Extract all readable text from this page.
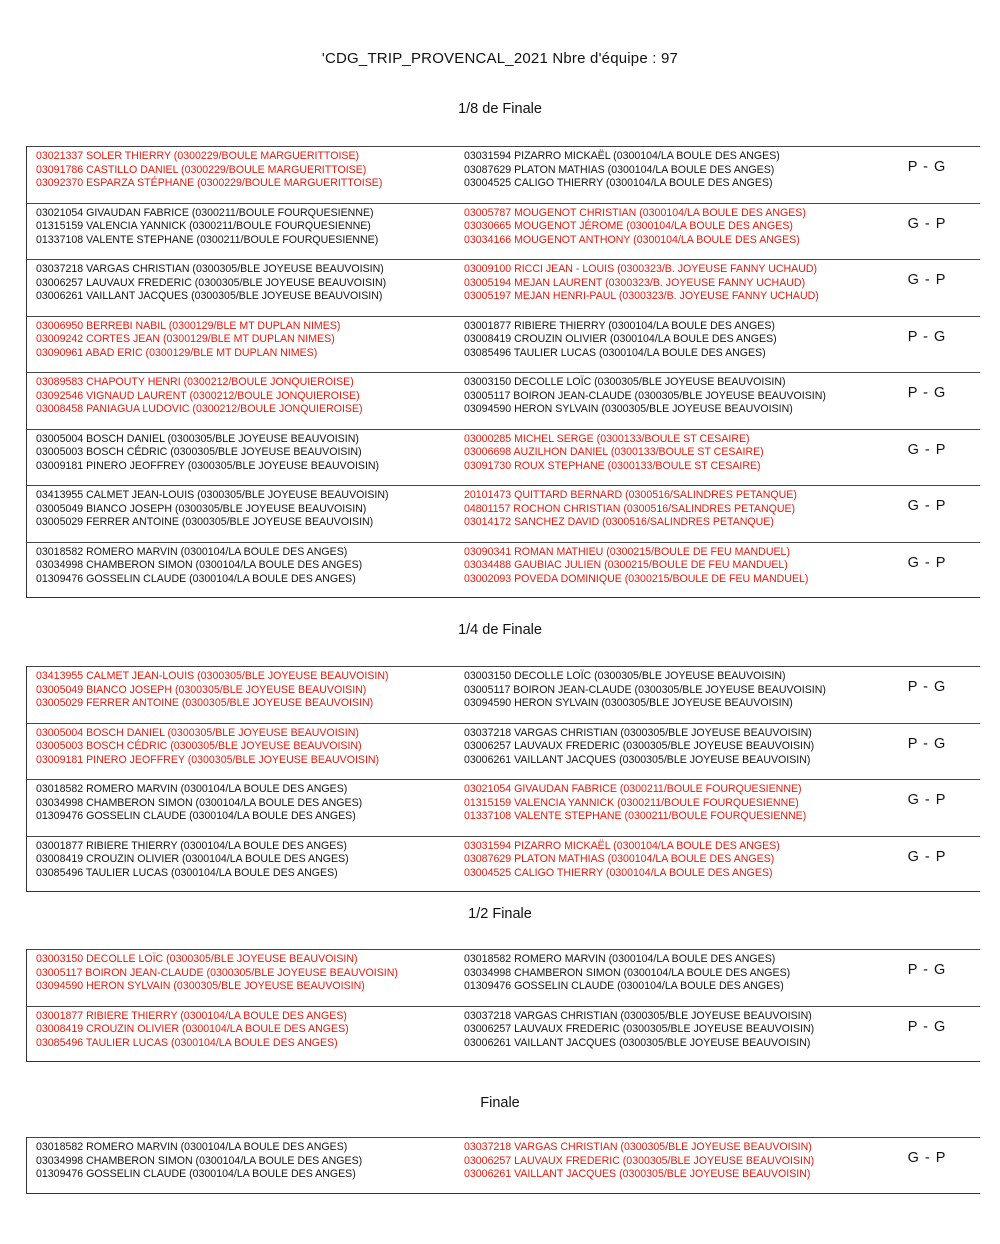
'CDG_TRIP_PROVENCAL_2021 Nbre d'équipe : 97
1/8 de Finale
03021337 SOLER THIERRY (0300229/BOULE MARGUERITTOISE)
03091786 CASTILLO DANIEL (0300229/BOULE MARGUERITTOISE)
03092370 ESPARZA STÉPHANE (0300229/BOULE MARGUERITTOISE)
03031594 PIZARRO MICKAËL (0300104/LA BOULE DES ANGES)
03087629 PLATON MATHIAS (0300104/LA BOULE DES ANGES)
03004525 CALIGO THIERRY (0300104/LA BOULE DES ANGES)
P - G
03021054 GIVAUDAN FABRICE (0300211/BOULE FOURQUESIENNE)
01315159 VALENCIA YANNICK (0300211/BOULE FOURQUESIENNE)
01337108 VALENTE STEPHANE (0300211/BOULE FOURQUESIENNE)
03005787 MOUGENOT CHRISTIAN (0300104/LA BOULE DES ANGES)
03030665 MOUGENOT JÉROME (0300104/LA BOULE DES ANGES)
03034166 MOUGENOT ANTHONY (0300104/LA BOULE DES ANGES)
G - P
03037218 VARGAS CHRISTIAN (0300305/BLE JOYEUSE BEAUVOISIN)
03006257 LAUVAUX FREDERIC (0300305/BLE JOYEUSE BEAUVOISIN)
03006261 VAILLANT JACQUES (0300305/BLE JOYEUSE BEAUVOISIN)
03009100 RICCI JEAN - LOUIS (0300323/B. JOYEUSE FANNY UCHAUD)
03005194 MEJAN LAURENT (0300323/B. JOYEUSE FANNY UCHAUD)
03005197 MEJAN HENRI-PAUL (0300323/B. JOYEUSE FANNY UCHAUD)
G - P
03006950 BERREBI NABIL (0300129/BLE MT DUPLAN NIMES)
03009242 CORTES JEAN (0300129/BLE MT DUPLAN NIMES)
03090961 ABAD ERIC (0300129/BLE MT DUPLAN NIMES)
03001877 RIBIERE THIERRY (0300104/LA BOULE DES ANGES)
03008419 CROUZIN OLIVIER (0300104/LA BOULE DES ANGES)
03085496 TAULIER LUCAS (0300104/LA BOULE DES ANGES)
P - G
03089583 CHAPOUTY HENRI (0300212/BOULE JONQUIEROISE)
03092546 VIGNAUD LAURENT (0300212/BOULE JONQUIEROISE)
03008458 PANIAGUA LUDOVIC (0300212/BOULE JONQUIEROISE)
03003150 DECOLLE LOÏC (0300305/BLE JOYEUSE BEAUVOISIN)
03005117 BOIRON JEAN-CLAUDE (0300305/BLE JOYEUSE BEAUVOISIN)
03094590 HERON SYLVAIN (0300305/BLE JOYEUSE BEAUVOISIN)
P - G
03005004 BOSCH DANIEL (0300305/BLE JOYEUSE BEAUVOISIN)
03005003 BOSCH CÉDRIC (0300305/BLE JOYEUSE BEAUVOISIN)
03009181 PINERO JEOFFREY (0300305/BLE JOYEUSE BEAUVOISIN)
03000285 MICHEL SERGE (0300133/BOULE ST CESAIRE)
03006698 AUZILHON DANIEL (0300133/BOULE ST CESAIRE)
03091730 ROUX STEPHANE (0300133/BOULE ST CESAIRE)
G - P
03413955 CALMET JEAN-LOUIS (0300305/BLE JOYEUSE BEAUVOISIN)
03005049 BIANCO JOSEPH (0300305/BLE JOYEUSE BEAUVOISIN)
03005029 FERRER ANTOINE (0300305/BLE JOYEUSE BEAUVOISIN)
20101473 QUITTARD BERNARD (0300516/SALINDRES PETANQUE)
04801157 ROCHON CHRISTIAN (0300516/SALINDRES PETANQUE)
03014172 SANCHEZ DAVID (0300516/SALINDRES PETANQUE)
G - P
03018582 ROMERO MARVIN (0300104/LA BOULE DES ANGES)
03034998 CHAMBERON SIMON (0300104/LA BOULE DES ANGES)
01309476 GOSSELIN CLAUDE (0300104/LA BOULE DES ANGES)
03090341 ROMAN MATHIEU (0300215/BOULE DE FEU MANDUEL)
03034488 GAUBIAC JULIEN (0300215/BOULE DE FEU MANDUEL)
03002093 POVEDA DOMINIQUE (0300215/BOULE DE FEU MANDUEL)
G - P
1/4 de Finale
03413955 CALMET JEAN-LOUIS (0300305/BLE JOYEUSE BEAUVOISIN)
03005049 BIANCO JOSEPH (0300305/BLE JOYEUSE BEAUVOISIN)
03005029 FERRER ANTOINE (0300305/BLE JOYEUSE BEAUVOISIN)
03003150 DECOLLE LOÏC (0300305/BLE JOYEUSE BEAUVOISIN)
03005117 BOIRON JEAN-CLAUDE (0300305/BLE JOYEUSE BEAUVOISIN)
03094590 HERON SYLVAIN (0300305/BLE JOYEUSE BEAUVOISIN)
P - G
03005004 BOSCH DANIEL (0300305/BLE JOYEUSE BEAUVOISIN)
03005003 BOSCH CÉDRIC (0300305/BLE JOYEUSE BEAUVOISIN)
03009181 PINERO JEOFFREY (0300305/BLE JOYEUSE BEAUVOISIN)
03037218 VARGAS CHRISTIAN (0300305/BLE JOYEUSE BEAUVOISIN)
03006257 LAUVAUX FREDERIC (0300305/BLE JOYEUSE BEAUVOISIN)
03006261 VAILLANT JACQUES (0300305/BLE JOYEUSE BEAUVOISIN)
P - G
03018582 ROMERO MARVIN (0300104/LA BOULE DES ANGES)
03034998 CHAMBERON SIMON (0300104/LA BOULE DES ANGES)
01309476 GOSSELIN CLAUDE (0300104/LA BOULE DES ANGES)
03021054 GIVAUDAN FABRICE (0300211/BOULE FOURQUESIENNE)
01315159 VALENCIA YANNICK (0300211/BOULE FOURQUESIENNE)
01337108 VALENTE STEPHANE (0300211/BOULE FOURQUESIENNE)
G - P
03001877 RIBIERE THIERRY (0300104/LA BOULE DES ANGES)
03008419 CROUZIN OLIVIER (0300104/LA BOULE DES ANGES)
03085496 TAULIER LUCAS (0300104/LA BOULE DES ANGES)
03031594 PIZARRO MICKAËL (0300104/LA BOULE DES ANGES)
03087629 PLATON MATHIAS (0300104/LA BOULE DES ANGES)
03004525 CALIGO THIERRY (0300104/LA BOULE DES ANGES)
G - P
1/2 Finale
03003150 DECOLLE LOÏC (0300305/BLE JOYEUSE BEAUVOISIN)
03005117 BOIRON JEAN-CLAUDE (0300305/BLE JOYEUSE BEAUVOISIN)
03094590 HERON SYLVAIN (0300305/BLE JOYEUSE BEAUVOISIN)
03018582 ROMERO MARVIN (0300104/LA BOULE DES ANGES)
03034998 CHAMBERON SIMON (0300104/LA BOULE DES ANGES)
01309476 GOSSELIN CLAUDE (0300104/LA BOULE DES ANGES)
P - G
03001877 RIBIERE THIERRY (0300104/LA BOULE DES ANGES)
03008419 CROUZIN OLIVIER (0300104/LA BOULE DES ANGES)
03085496 TAULIER LUCAS (0300104/LA BOULE DES ANGES)
03037218 VARGAS CHRISTIAN (0300305/BLE JOYEUSE BEAUVOISIN)
03006257 LAUVAUX FREDERIC (0300305/BLE JOYEUSE BEAUVOISIN)
03006261 VAILLANT JACQUES (0300305/BLE JOYEUSE BEAUVOISIN)
P - G
Finale
03018582 ROMERO MARVIN (0300104/LA BOULE DES ANGES)
03034998 CHAMBERON SIMON (0300104/LA BOULE DES ANGES)
01309476 GOSSELIN CLAUDE (0300104/LA BOULE DES ANGES)
03037218 VARGAS CHRISTIAN (0300305/BLE JOYEUSE BEAUVOISIN)
03006257 LAUVAUX FREDERIC (0300305/BLE JOYEUSE BEAUVOISIN)
03006261 VAILLANT JACQUES (0300305/BLE JOYEUSE BEAUVOISIN)
G - P
